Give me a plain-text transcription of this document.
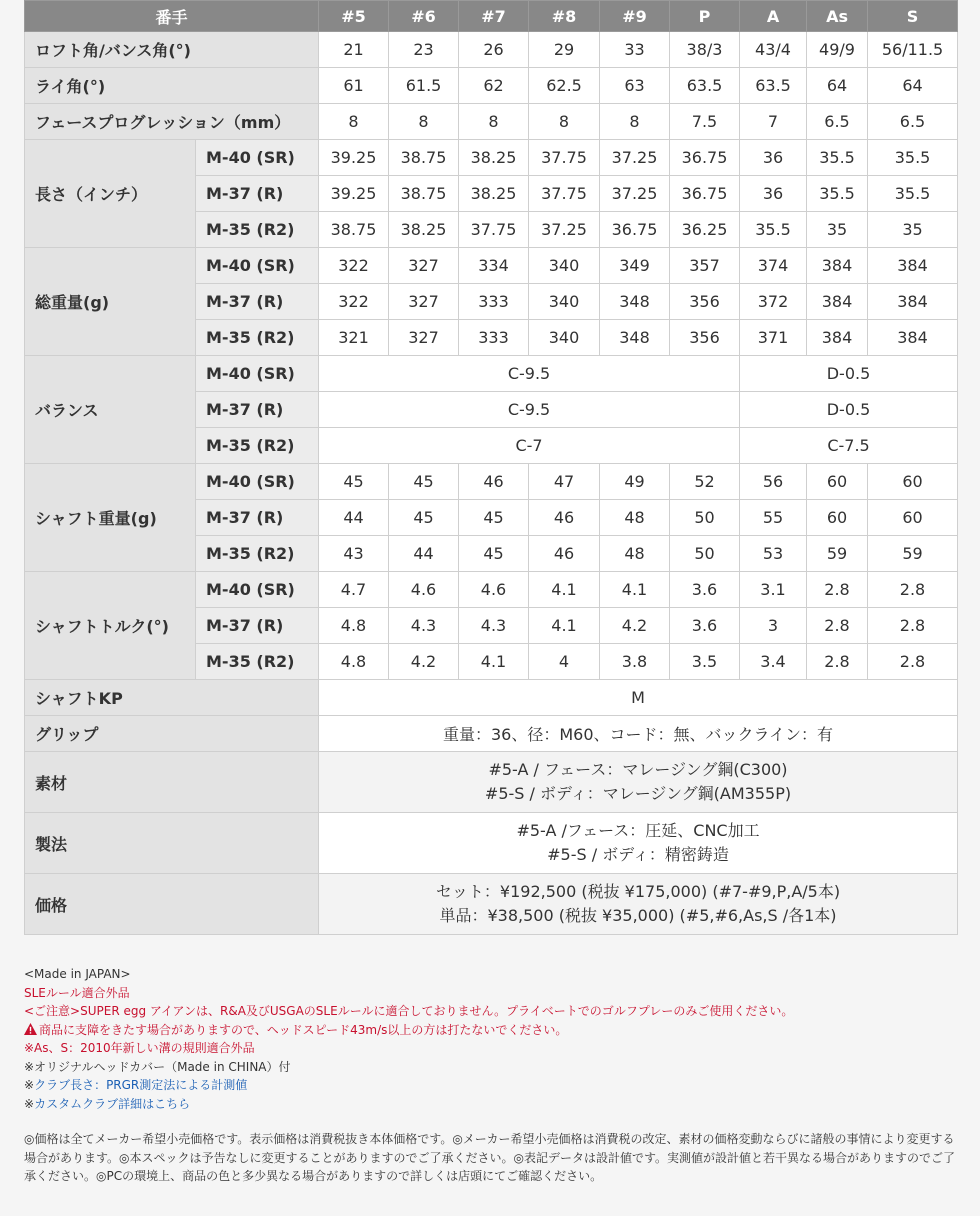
番手		#5	#6	#7	#8	#9	P	A	As	S
ロフト角/バンス角(°)		21	23	26	29	33	38/3	43/4	49/9	56/11.5
ライ角(°)		61	61.5	62	62.5	63	63.5	63.5	64	64
フェースプログレッション（mm）		8	8	8	8	8	7.5	7	6.5	6.5
長さ（インチ）	M-40 (SR)	39.25	38.75	38.25	37.75	37.25	36.75	36	35.5	35.5
	M-37 (R)	39.25	38.75	38.25	37.75	37.25	36.75	36	35.5	35.5
	M-35 (R2)	38.75	38.25	37.75	37.25	36.75	36.25	35.5	35	35
総重量(g)	M-40 (SR)	322	327	334	340	349	357	374	384	384
	M-37 (R)	322	327	333	340	348	356	372	384	384
	M-35 (R2)	321	327	333	340	348	356	371	384	384
バランス	M-40 (SR)	C-9.5						D-0.5		
	M-37 (R)	C-9.5						D-0.5		
	M-35 (R2)	C-7						C-7.5		
シャフト重量(g)	M-40 (SR)	45	45	46	47	49	52	56	60	60
	M-37 (R)	44	45	45	46	48	50	55	60	60
	M-35 (R2)	43	44	45	46	48	50	53	59	59
シャフトトルク(°)	M-40 (SR)	4.7	4.6	4.6	4.1	4.1	3.6	3.1	2.8	2.8
	M-37 (R)	4.8	4.3	4.3	4.1	4.2	3.6	3	2.8	2.8
	M-35 (R2)	4.8	4.2	4.1	4	3.8	3.5	3.4	2.8	2.8
シャフトKP		M								
グリップ		重量：36、径：M60、コード：無、バックライン：有								
素材		#5-A / フェース：マレージング鋼(C300)
#5-S / ボディ：マレージング鋼(AM355P)								

製法		#5-A /フェース：圧延、CNC加工
#5-S / ボディ：精密鋳造								

価格		セット：¥192,500 (税抜 ¥175,000) (#7-#9,P,A/5本)
単品：¥38,500 (税抜 ¥35,000) (#5,#6,As,S /各1本)								
<Made in JAPAN>
SLEルール適合外品
<ご注意>SUPER egg アイアンは、R&A及びUSGAのSLEルールに適合しておりません。プライベートでのゴルフプレーのみご使用ください。
商品に支障をきたす場合がありますので、ヘッドスピード43m/s以上の方は打たないでください。
※As、S：2010年新しい溝の規則適合外品
※オリジナルヘッドカバー（Made in CHINA）付
※クラブ長さ：PRGR測定法による計測値
※カスタムクラブ詳細はこちら
◎価格は全てメーカー希望小売価格です。表示価格は消費税抜き本体価格です。◎メーカー希望小売価格は消費税の改定、素材の価格変動ならびに諸般の事情により変更する
場合があります。◎本スペックは予告なしに変更することがありますのでご了承ください。◎表記データは設計値です。実測値が設計値と若干異なる場合がありますのでご了
承ください。◎PCの環境上、商品の色と多少異なる場合がありますので詳しくは店頭にてご確認ください。
